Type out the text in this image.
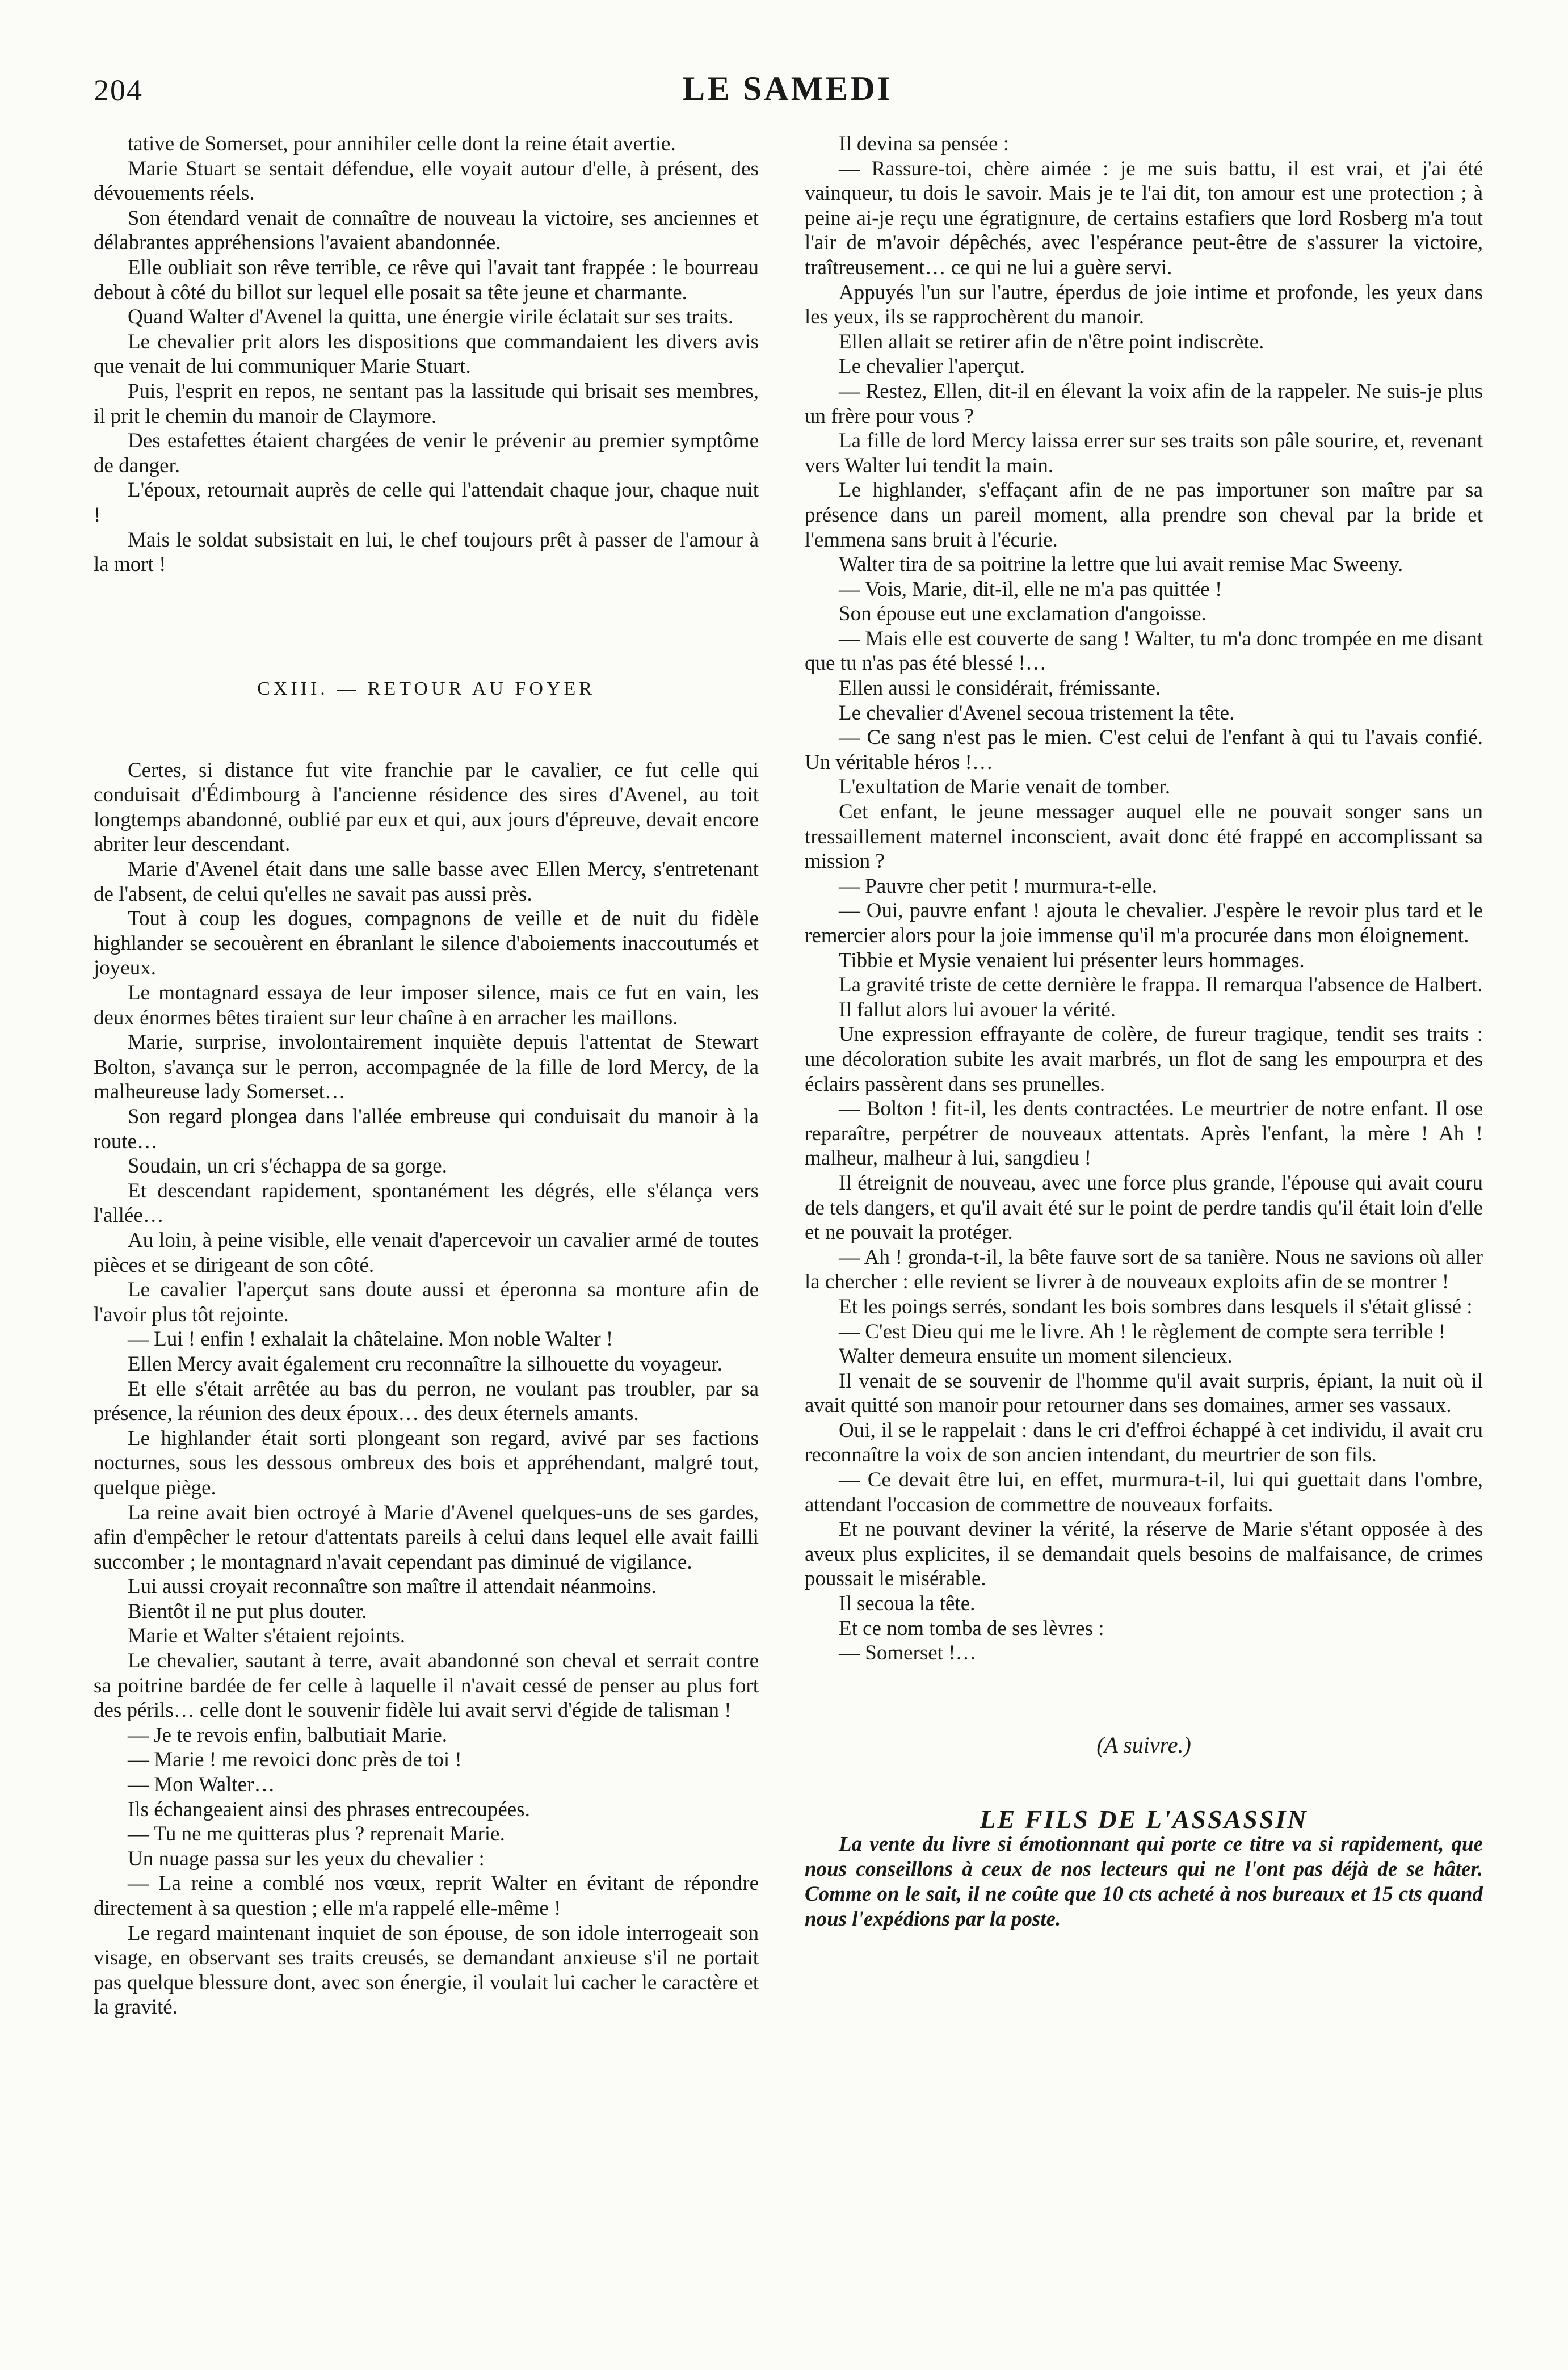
204	LE SAMEDI

tative de Somerset, pour annihiler celle dont la reine était avertie.

Marie Stuart se sentait défendue, elle voyait autour d'elle, à présent, des dévouements réels.

Son étendard venait de connaître de nouveau la victoire, ses anciennes et délabrantes appréhensions l'avaient abandonnée.

Elle oubliait son rêve terrible, ce rêve qui l'avait tant frappée : le bourreau debout à côté du billot sur lequel elle posait sa tête jeune et charmante.

Quand Walter d'Avenel la quitta, une énergie virile éclatait sur ses traits.

Le chevalier prit alors les dispositions que commandaient les divers avis que venait de lui communiquer Marie Stuart.

Puis, l'esprit en repos, ne sentant pas la lassitude qui brisait ses membres, il prit le chemin du manoir de Claymore.

Des estafettes étaient chargées de venir le prévenir au premier symptôme de danger.

L'époux, retournait auprès de celle qui l'attendait chaque jour, chaque nuit !

Mais le soldat subsistait en lui, le chef toujours prêt à passer de l'amour à la mort !

CXIII. — RETOUR AU FOYER

Certes, si distance fut vite franchie par le cavalier, ce fut celle qui conduisait d'Édimbourg à l'ancienne résidence des sires d'Avenel, au toit longtemps abandonné, oublié par eux et qui, aux jours d'épreuve, devait encore abriter leur descendant.

Marie d'Avenel était dans une salle basse avec Ellen Mercy, s'entretenant de l'absent, de celui qu'elles ne savait pas aussi près.

Tout à coup les dogues, compagnons de veille et de nuit du fidèle highlander se secouèrent en ébranlant le silence d'aboiements inaccoutumés et joyeux.

Le montagnard essaya de leur imposer silence, mais ce fut en vain, les deux énormes bêtes tiraient sur leur chaîne à en arracher les maillons.

Marie, surprise, involontairement inquiète depuis l'attentat de Stewart Bolton, s'avança sur le perron, accompagnée de la fille de lord Mercy, de la malheureuse lady Somerset…

Son regard plongea dans l'allée embreuse qui conduisait du manoir à la route…

Soudain, un cri s'échappa de sa gorge.

Et descendant rapidement, spontanément les dégrés, elle s'élança vers l'allée…

Au loin, à peine visible, elle venait d'apercevoir un cavalier armé de toutes pièces et se dirigeant de son côté.

Le cavalier l'aperçut sans doute aussi et éperonna sa monture afin de l'avoir plus tôt rejointe.

— Lui ! enfin ! exhalait la châtelaine. Mon noble Walter !

Ellen Mercy avait également cru reconnaître la silhouette du voyageur.

Et elle s'était arrêtée au bas du perron, ne voulant pas troubler, par sa présence, la réunion des deux époux… des deux éternels amants.

Le highlander était sorti plongeant son regard, avivé par ses factions nocturnes, sous les dessous ombreux des bois et appréhendant, malgré tout, quelque piège.

La reine avait bien octroyé à Marie d'Avenel quelques-uns de ses gardes, afin d'empêcher le retour d'attentats pareils à celui dans lequel elle avait failli succomber ; le montagnard n'avait cependant pas diminué de vigilance.

Lui aussi croyait reconnaître son maître il attendait néanmoins.

Bientôt il ne put plus douter.

Marie et Walter s'étaient rejoints.

Le chevalier, sautant à terre, avait abandonné son cheval et serrait contre sa poitrine bardée de fer celle à laquelle il n'avait cessé de penser au plus fort des périls… celle dont le souvenir fidèle lui avait servi d'égide de talisman !

— Je te revois enfin, balbutiait Marie.

— Marie ! me revoici donc près de toi !

— Mon Walter…

Ils échangeaient ainsi des phrases entrecoupées.

— Tu ne me quitteras plus ? reprenait Marie.

Un nuage passa sur les yeux du chevalier :

— La reine a comblé nos vœux, reprit Walter en évitant de répondre directement à sa question ; elle m'a rappelé elle-même !

Le regard maintenant inquiet de son épouse, de son idole interrogeait son visage, en observant ses traits creusés, se demandant anxieuse s'il ne portait pas quelque blessure dont, avec son énergie, il voulait lui cacher le caractère et la gravité.

Il devina sa pensée :

— Rassure-toi, chère aimée : je me suis battu, il est vrai, et j'ai été vainqueur, tu dois le savoir. Mais je te l'ai dit, ton amour est une protection ; à peine ai-je reçu une égratignure, de certains estafiers que lord Rosberg m'a tout l'air de m'avoir dépêchés, avec l'espérance peut-être de s'assurer la victoire, traîtreusement… ce qui ne lui a guère servi.

Appuyés l'un sur l'autre, éperdus de joie intime et profonde, les yeux dans les yeux, ils se rapprochèrent du manoir.

Ellen allait se retirer afin de n'être point indiscrète.

Le chevalier l'aperçut.

— Restez, Ellen, dit-il en élevant la voix afin de la rappeler. Ne suis-je plus un frère pour vous ?

La fille de lord Mercy laissa errer sur ses traits son pâle sourire, et, revenant vers Walter lui tendit la main.

Le highlander, s'effaçant afin de ne pas importuner son maître par sa présence dans un pareil moment, alla prendre son cheval par la bride et l'emmena sans bruit à l'écurie.

Walter tira de sa poitrine la lettre que lui avait remise Mac Sweeny.

— Vois, Marie, dit-il, elle ne m'a pas quittée !

Son épouse eut une exclamation d'angoisse.

— Mais elle est couverte de sang ! Walter, tu m'a donc trompée en me disant que tu n'as pas été blessé !…

Ellen aussi le considérait, frémissante.

Le chevalier d'Avenel secoua tristement la tête.

— Ce sang n'est pas le mien. C'est celui de l'enfant à qui tu l'avais confié. Un véritable héros !…

L'exultation de Marie venait de tomber.

Cet enfant, le jeune messager auquel elle ne pouvait songer sans un tressaillement maternel inconscient, avait donc été frappé en accomplissant sa mission ?

— Pauvre cher petit ! murmura-t-elle.

— Oui, pauvre enfant ! ajouta le chevalier. J'espère le revoir plus tard et le remercier alors pour la joie immense qu'il m'a procurée dans mon éloignement.

Tibbie et Mysie venaient lui présenter leurs hommages.

La gravité triste de cette dernière le frappa. Il remarqua l'absence de Halbert.

Il fallut alors lui avouer la vérité.

Une expression effrayante de colère, de fureur tragique, tendit ses traits : une décoloration subite les avait marbrés, un flot de sang les empourpra et des éclairs passèrent dans ses prunelles.

— Bolton ! fit-il, les dents contractées. Le meurtrier de notre enfant. Il ose reparaître, perpétrer de nouveaux attentats. Après l'enfant, la mère ! Ah ! malheur, malheur à lui, sangdieu !

Il étreignit de nouveau, avec une force plus grande, l'épouse qui avait couru de tels dangers, et qu'il avait été sur le point de perdre tandis qu'il était loin d'elle et ne pouvait la protéger.

— Ah ! gronda-t-il, la bête fauve sort de sa tanière. Nous ne savions où aller la chercher : elle revient se livrer à de nouveaux exploits afin de se montrer !

Et les poings serrés, sondant les bois sombres dans lesquels il s'était glissé :

— C'est Dieu qui me le livre. Ah ! le règlement de compte sera terrible !

Walter demeura ensuite un moment silencieux.

Il venait de se souvenir de l'homme qu'il avait surpris, épiant, la nuit où il avait quitté son manoir pour retourner dans ses domaines, armer ses vassaux.

Oui, il se le rappelait : dans le cri d'effroi échappé à cet individu, il avait cru reconnaître la voix de son ancien intendant, du meurtrier de son fils.

— Ce devait être lui, en effet, murmura-t-il, lui qui guettait dans l'ombre, attendant l'occasion de commettre de nouveaux forfaits.

Et ne pouvant deviner la vérité, la réserve de Marie s'étant opposée à des aveux plus explicites, il se demandait quels besoins de malfaisance, de crimes poussait le misérable.

Il secoua la tête.

Et ce nom tomba de ses lèvres :

— Somerset !…

(A suivre.)

LE FILS DE L'ASSASSIN

La vente du livre si émotionnant qui porte ce titre va si rapidement, que nous conseillons à ceux de nos lecteurs qui ne l'ont pas déjà de se hâter. Comme on le sait, il ne coûte que 10 cts acheté à nos bureaux et 15 cts quand nous l'expédions par la poste.
